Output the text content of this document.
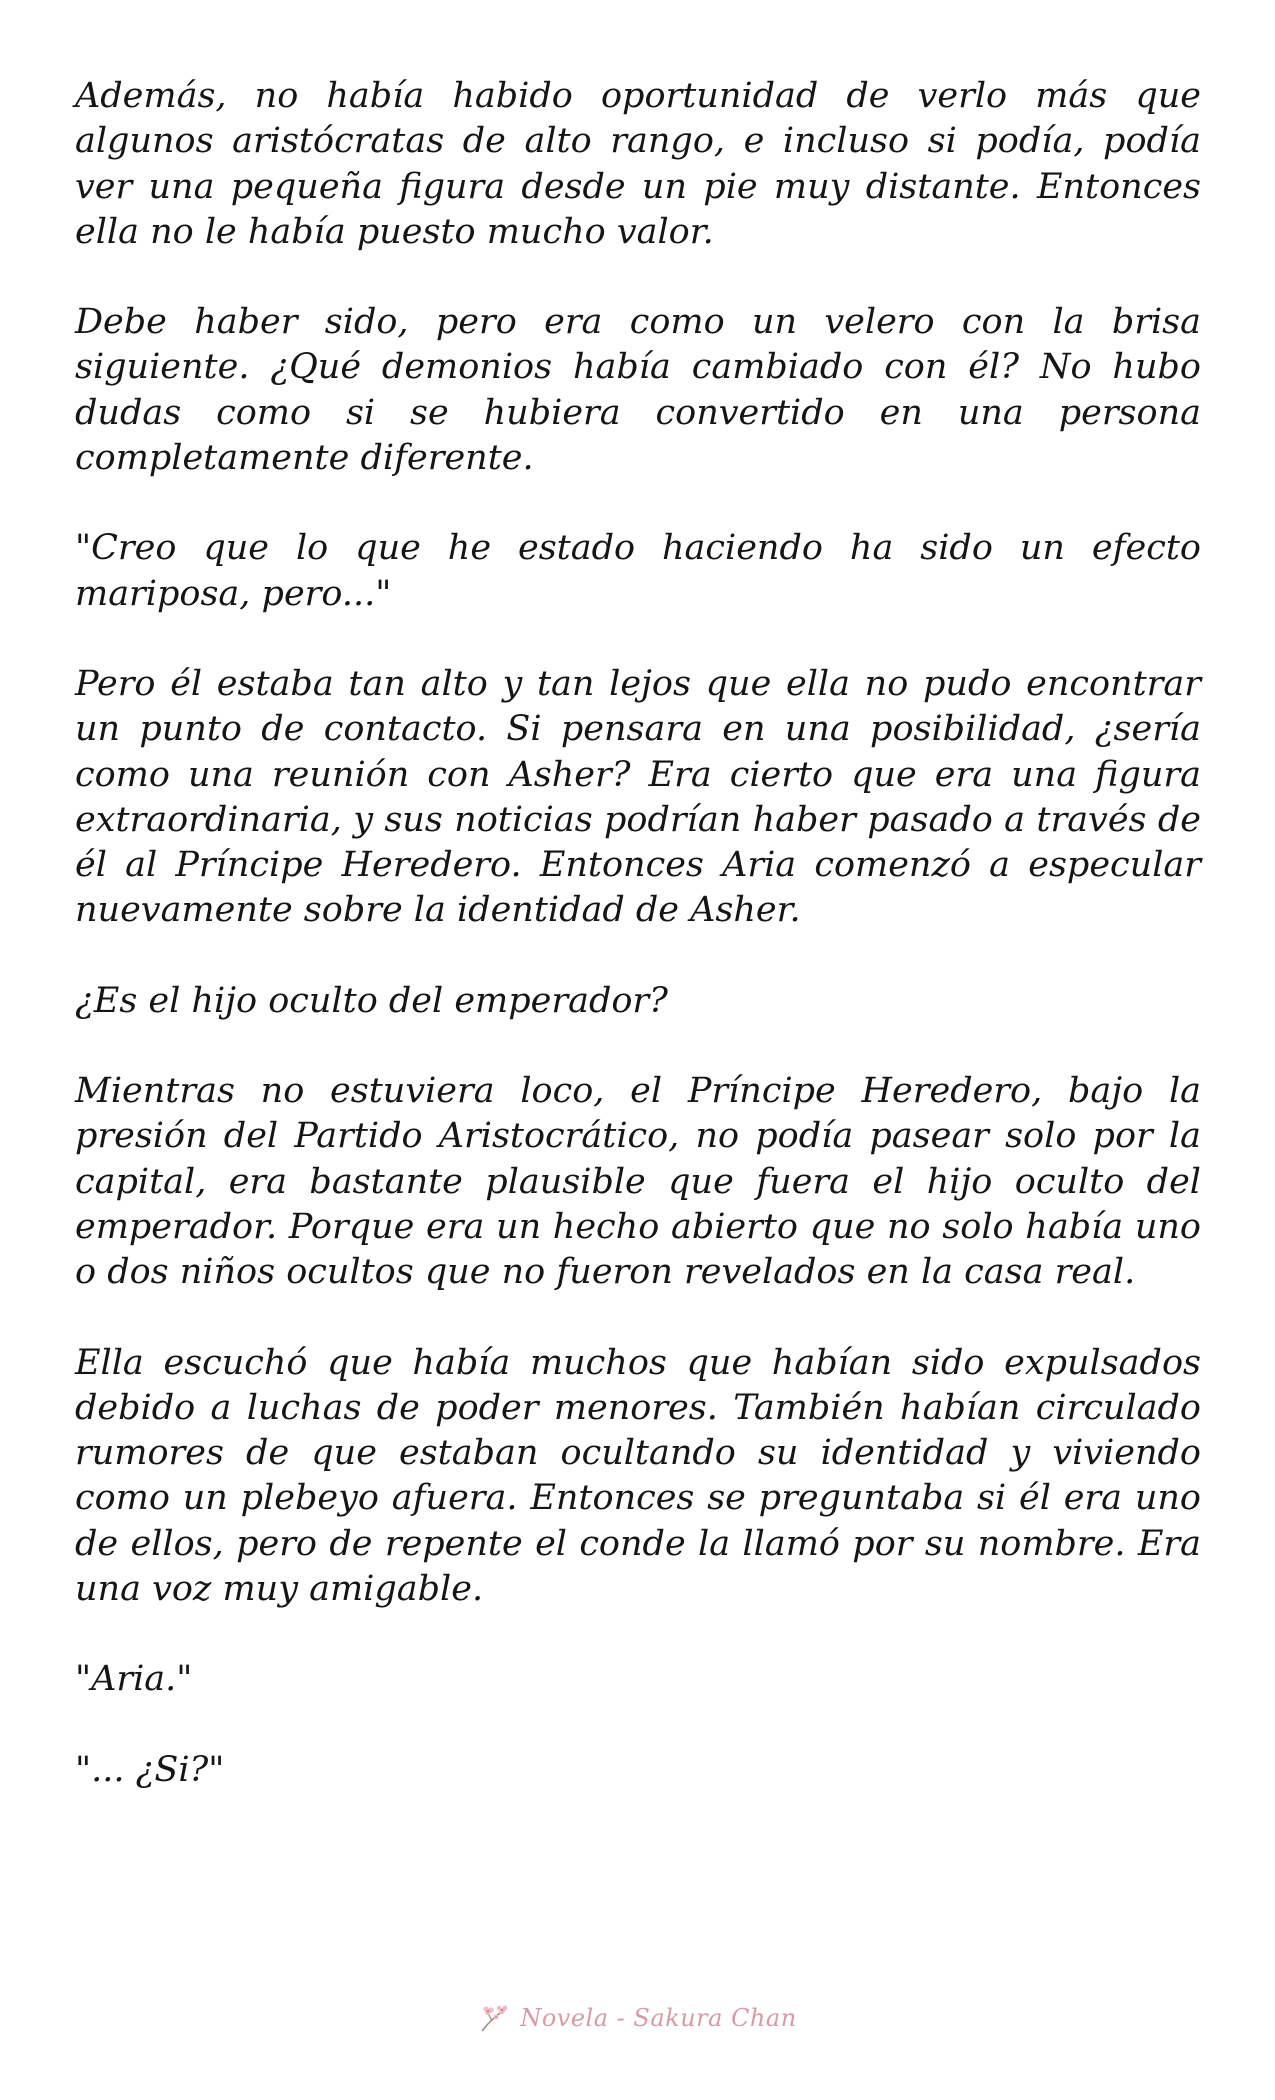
Además, no había habido oportunidad de verlo más que algunos aristócratas de alto rango, e incluso si podía, podía ver una pequeña figura desde un pie muy distante. Entonces ella no le había puesto mucho valor.

Debe haber sido, pero era como un velero con la brisa siguiente. ¿Qué demonios había cambiado con él? No hubo dudas como si se hubiera convertido en una persona completamente diferente.

"Creo que lo que he estado haciendo ha sido un efecto mariposa, pero..."

Pero él estaba tan alto y tan lejos que ella no pudo encontrar un punto de contacto. Si pensara en una posibilidad, ¿sería como una reunión con Asher? Era cierto que era una figura extraordinaria, y sus noticias podrían haber pasado a través de él al Príncipe Heredero. Entonces Aria comenzó a especular nuevamente sobre la identidad de Asher.

¿Es el hijo oculto del emperador?

Mientras no estuviera loco, el Príncipe Heredero, bajo la presión del Partido Aristocrático, no podía pasear solo por la capital, era bastante plausible que fuera el hijo oculto del emperador. Porque era un hecho abierto que no solo había uno o dos niños ocultos que no fueron revelados en la casa real.

Ella escuchó que había muchos que habían sido expulsados debido a luchas de poder menores. También habían circulado rumores de que estaban ocultando su identidad y viviendo como un plebeyo afuera. Entonces se preguntaba si él era uno de ellos, pero de repente el conde la llamó por su nombre. Era una voz muy amigable.

"Aria."

"... ¿Si?"

Novela - Sakura Chan
